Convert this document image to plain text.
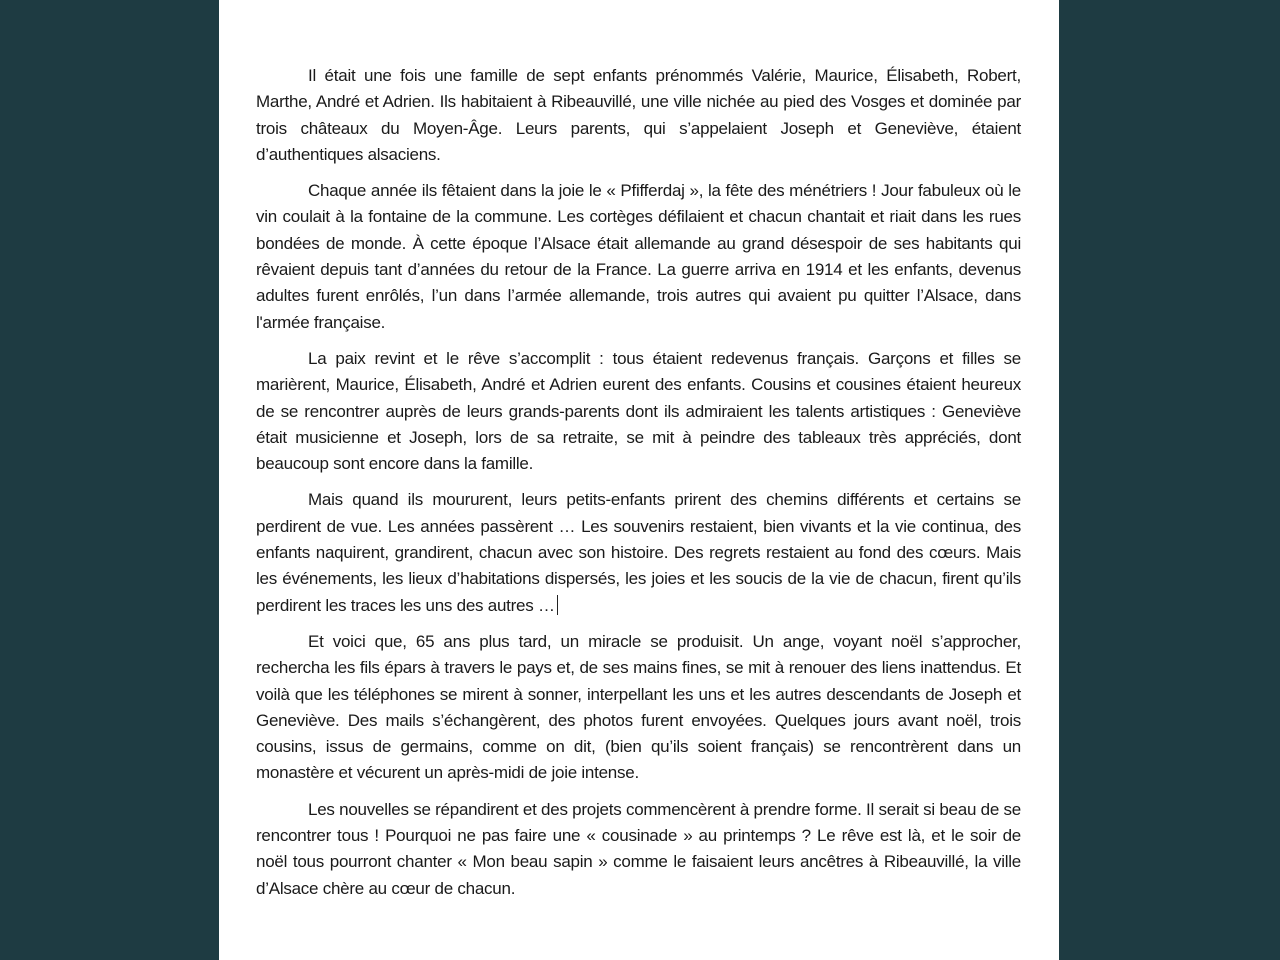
Il était une fois une famille de sept enfants prénommés Valérie, Maurice, Élisabeth, Robert, Marthe, André et Adrien. Ils habitaient à Ribeauvillé, une ville nichée au pied des Vosges et dominée par trois châteaux du Moyen-Âge. Leurs parents, qui s’appelaient Joseph et Geneviève, étaient d’authentiques alsaciens.

Chaque année ils fêtaient dans la joie le « Pfifferdaj », la fête des ménétriers ! Jour fabuleux où le vin coulait à la fontaine de la commune. Les cortèges défilaient et chacun chantait et riait dans les rues bondées de monde. À cette époque l’Alsace était allemande au grand désespoir de ses habitants qui rêvaient depuis tant d’années du retour de la France. La guerre arriva en 1914 et les enfants, devenus adultes furent enrôlés, l’un dans l’armée allemande, trois autres qui avaient pu quitter l’Alsace, dans l'armée française.

La paix revint et le rêve s’accomplit : tous étaient redevenus français. Garçons et filles se marièrent, Maurice, Élisabeth, André et Adrien eurent des enfants. Cousins et cousines étaient heureux de se rencontrer auprès de leurs grands-parents dont ils admiraient les talents artistiques : Geneviève était musicienne et Joseph, lors de sa retraite, se mit à peindre des tableaux très appréciés, dont beaucoup sont encore dans la famille.

Mais quand ils moururent, leurs petits-enfants prirent des chemins différents et certains se perdirent de vue. Les années passèrent … Les souvenirs restaient, bien vivants et la vie continua, des enfants naquirent, grandirent, chacun avec son histoire. Des regrets restaient au fond des cœurs. Mais les événements, les lieux d’habitations dispersés, les joies et les soucis de la vie de chacun, firent qu’ils perdirent les traces les uns des autres …

Et voici que, 65 ans plus tard, un miracle se produisit. Un ange, voyant noël s’approcher, rechercha les fils épars à travers le pays et, de ses mains fines, se mit à renouer des liens inattendus. Et voilà que les téléphones se mirent à sonner, interpellant les uns et les autres descendants de Joseph et Geneviève. Des mails s’échangèrent, des photos furent envoyées. Quelques jours avant noël, trois cousins, issus de germains, comme on dit, (bien qu’ils soient français) se rencontrèrent dans un monastère et vécurent un après-midi de joie intense.

Les nouvelles se répandirent et des projets commencèrent à prendre forme. Il serait si beau de se rencontrer tous ! Pourquoi ne pas faire une « cousinade » au printemps ? Le rêve est là, et le soir de noël tous pourront chanter « Mon beau sapin » comme le faisaient leurs ancêtres à Ribeauvillé, la ville d’Alsace chère au cœur de chacun.
